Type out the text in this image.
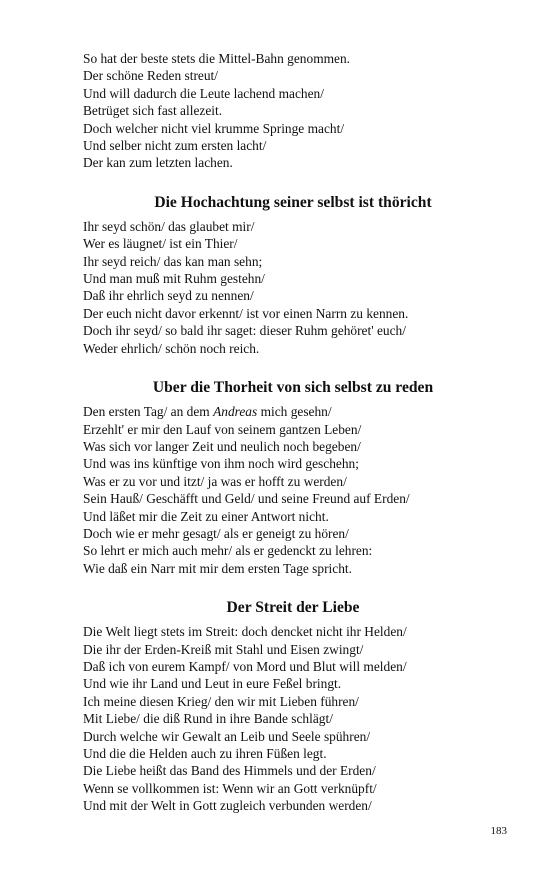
So hat der beste stets die Mittel-Bahn genommen.
Der schöne Reden streut/
Und will dadurch die Leute lachend machen/
Betrüget sich fast allezeit.
Doch welcher nicht viel krumme Springe macht/
Und selber nicht zum ersten lacht/
Der kan zum letzten lachen.
Die Hochachtung seiner selbst ist thöricht
Ihr seyd schön/ das glaubet mir/
Wer es läugnet/ ist ein Thier/
Ihr seyd reich/ das kan man sehn;
Und man muß mit Ruhm gestehn/
Daß ihr ehrlich seyd zu nennen/
Der euch nicht davor erkennt/ ist vor einen Narrn zu kennen.
Doch ihr seyd/ so bald ihr saget: dieser Ruhm gehöret' euch/
Weder ehrlich/ schön noch reich.
Uber die Thorheit von sich selbst zu reden
Den ersten Tag/ an dem Andreas mich gesehn/
Erzehlt' er mir den Lauf von seinem gantzen Leben/
Was sich vor langer Zeit und neulich noch begeben/
Und was ins künftige von ihm noch wird geschehn;
Was er zu vor und itzt/ ja was er hofft zu werden/
Sein Hauß/ Geschäfft und Geld/ und seine Freund auf Erden/
Und läßet mir die Zeit zu einer Antwort nicht.
Doch wie er mehr gesagt/ als er geneigt zu hören/
So lehrt er mich auch mehr/ als er gedenckt zu lehren:
Wie daß ein Narr mit mir dem ersten Tage spricht.
Der Streit der Liebe
Die Welt liegt stets im Streit: doch dencket nicht ihr Helden/
Die ihr der Erden-Kreiß mit Stahl und Eisen zwingt/
Daß ich von eurem Kampf/ von Mord und Blut will melden/
Und wie ihr Land und Leut in eure Feßel bringt.
Ich meine diesen Krieg/ den wir mit Lieben führen/
Mit Liebe/ die diß Rund in ihre Bande schlägt/
Durch welche wir Gewalt an Leib und Seele spühren/
Und die die Helden auch zu ihren Füßen legt.
Die Liebe heißt das Band des Himmels und der Erden/
Wenn se vollkommen ist: Wenn wir an Gott verknüpft/
Und mit der Welt in Gott zugleich verbunden werden/
183
